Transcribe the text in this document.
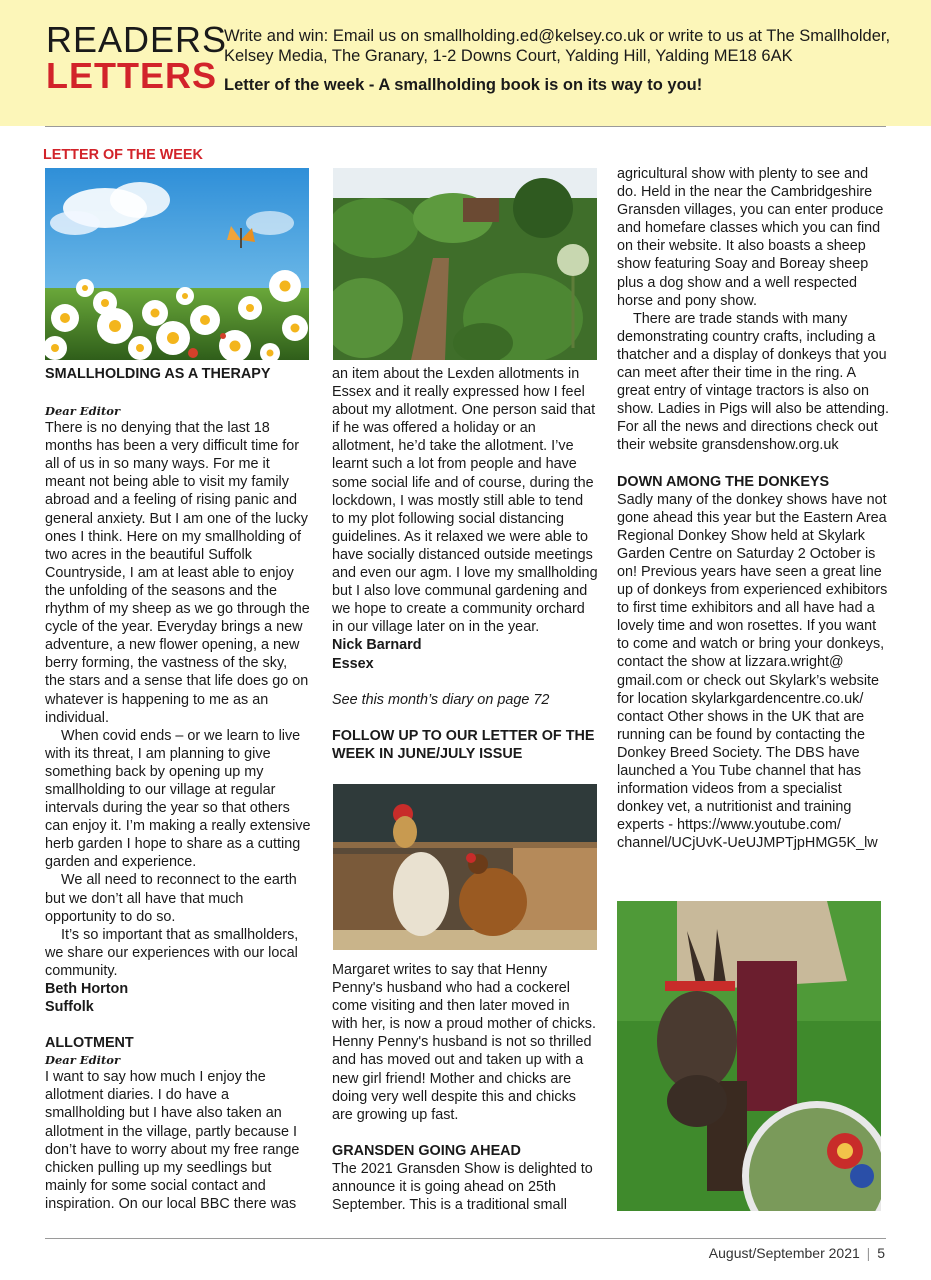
READERS
LETTERS
Write and win: Email us on smallholding.ed@kelsey.co.uk or write to us at The Smallholder,
Kelsey Media, The Granary, 1-2 Downs Court, Yalding Hill, Yalding ME18 6AK
Letter of the week - A smallholding book is on its way to you!
LETTER OF THE WEEK

SMALLHOLDING AS A THERAPY

Dear Editor

There is no denying that the last 18 months has been a very difficult time for all of us in so many ways. For me it meant not being able to visit my family abroad and a feeling of rising panic and general anxiety. But I am one of the lucky ones I think. Here on my smallholding of two acres in the beautiful Suffolk Countryside, I am at least able to enjoy the unfolding of the seasons and the rhythm of my sheep as we go through the cycle of the year. Everyday brings a new adventure, a new flower opening, a new berry forming, the vastness of the sky, the stars and a sense that life does go on whatever is happening to me as an individual.

When covid ends – or we learn to live with its threat, I am planning to give something back by opening up my smallholding to our village at regular intervals during the year so that others can enjoy it. I’m making a really extensive herb garden I hope to share as a cutting garden and experience.

We all need to reconnect to the earth but we don’t all have that much opportunity to do so.

It’s so important that as smallholders, we share our experiences with our local community.

Beth Horton

Suffolk

ALLOTMENT

Dear Editor

I want to say how much I enjoy the allotment diaries. I do have a smallholding but I have also taken an allotment in the village, partly because I don’t have to worry about my free range chicken pulling up my seedlings but mainly for some social contact and inspiration. On our local BBC there was

an item about the Lexden allotments in Essex and it really expressed how I feel about my allotment. One person said that if he was offered a holiday or an allotment, he’d take the allotment. I’ve learnt such a lot from people and have some social life and of course, during the lockdown, I was mostly still able to tend to my plot following social distancing guidelines. As it relaxed we were able to have socially distanced outside meetings and even our agm. I love my smallholding but I also love communal gardening and we hope to create a community orchard in our village later on in the year.

Nick Barnard

Essex

See this month’s diary on page 72

FOLLOW UP TO OUR LETTER OF THE WEEK IN JUNE/JULY ISSUE

Margaret writes to say that Henny Penny's husband who had a cockerel come visiting and then later moved in with her, is now a proud mother of chicks. Henny Penny's husband is not so thrilled and has moved out and taken up with a new girl friend! Mother and chicks are doing very well despite this and chicks are growing up fast.

GRANSDEN GOING AHEAD

The 2021 Gransden Show is delighted to announce it is going ahead on 25th September. This is a traditional small

agricultural show with plenty to see and do. Held in the near the Cambridgeshire Gransden villages, you can enter produce and homefare classes which you can find on their website. It also boasts a sheep show featuring Soay and Boreay sheep plus a dog show and a well respected horse and pony show.

There are trade stands with many demonstrating country crafts, including a thatcher and a display of donkeys that you can meet after their time in the ring. A great entry of vintage tractors is also on show. Ladies in Pigs will also be attending. For all the news and directions check out their website gransdenshow.org.uk

DOWN AMONG THE DONKEYS

Sadly many of the donkey shows have not gone ahead this year but the Eastern Area Regional Donkey Show held at Skylark Garden Centre on Saturday 2 October is on! Previous years have seen a great line up of donkeys from experienced exhibitors to first time exhibitors and all have had a lovely time and won rosettes. If you want to come and watch or bring your donkeys, contact the show at lizzara.wright@ gmail.com or check out Skylark’s website for location skylarkgardencentre.co.uk/ contact Other shows in the UK that are running can be found by contacting the Donkey Breed Society. The DBS have launched a You Tube channel that has information videos from a specialist donkey vet, a nutritionist and training experts - https://www.youtube.com/ channel/UCjUvK-UeUJMPTjpHMG5K_lw

August/September 2021 | 5
